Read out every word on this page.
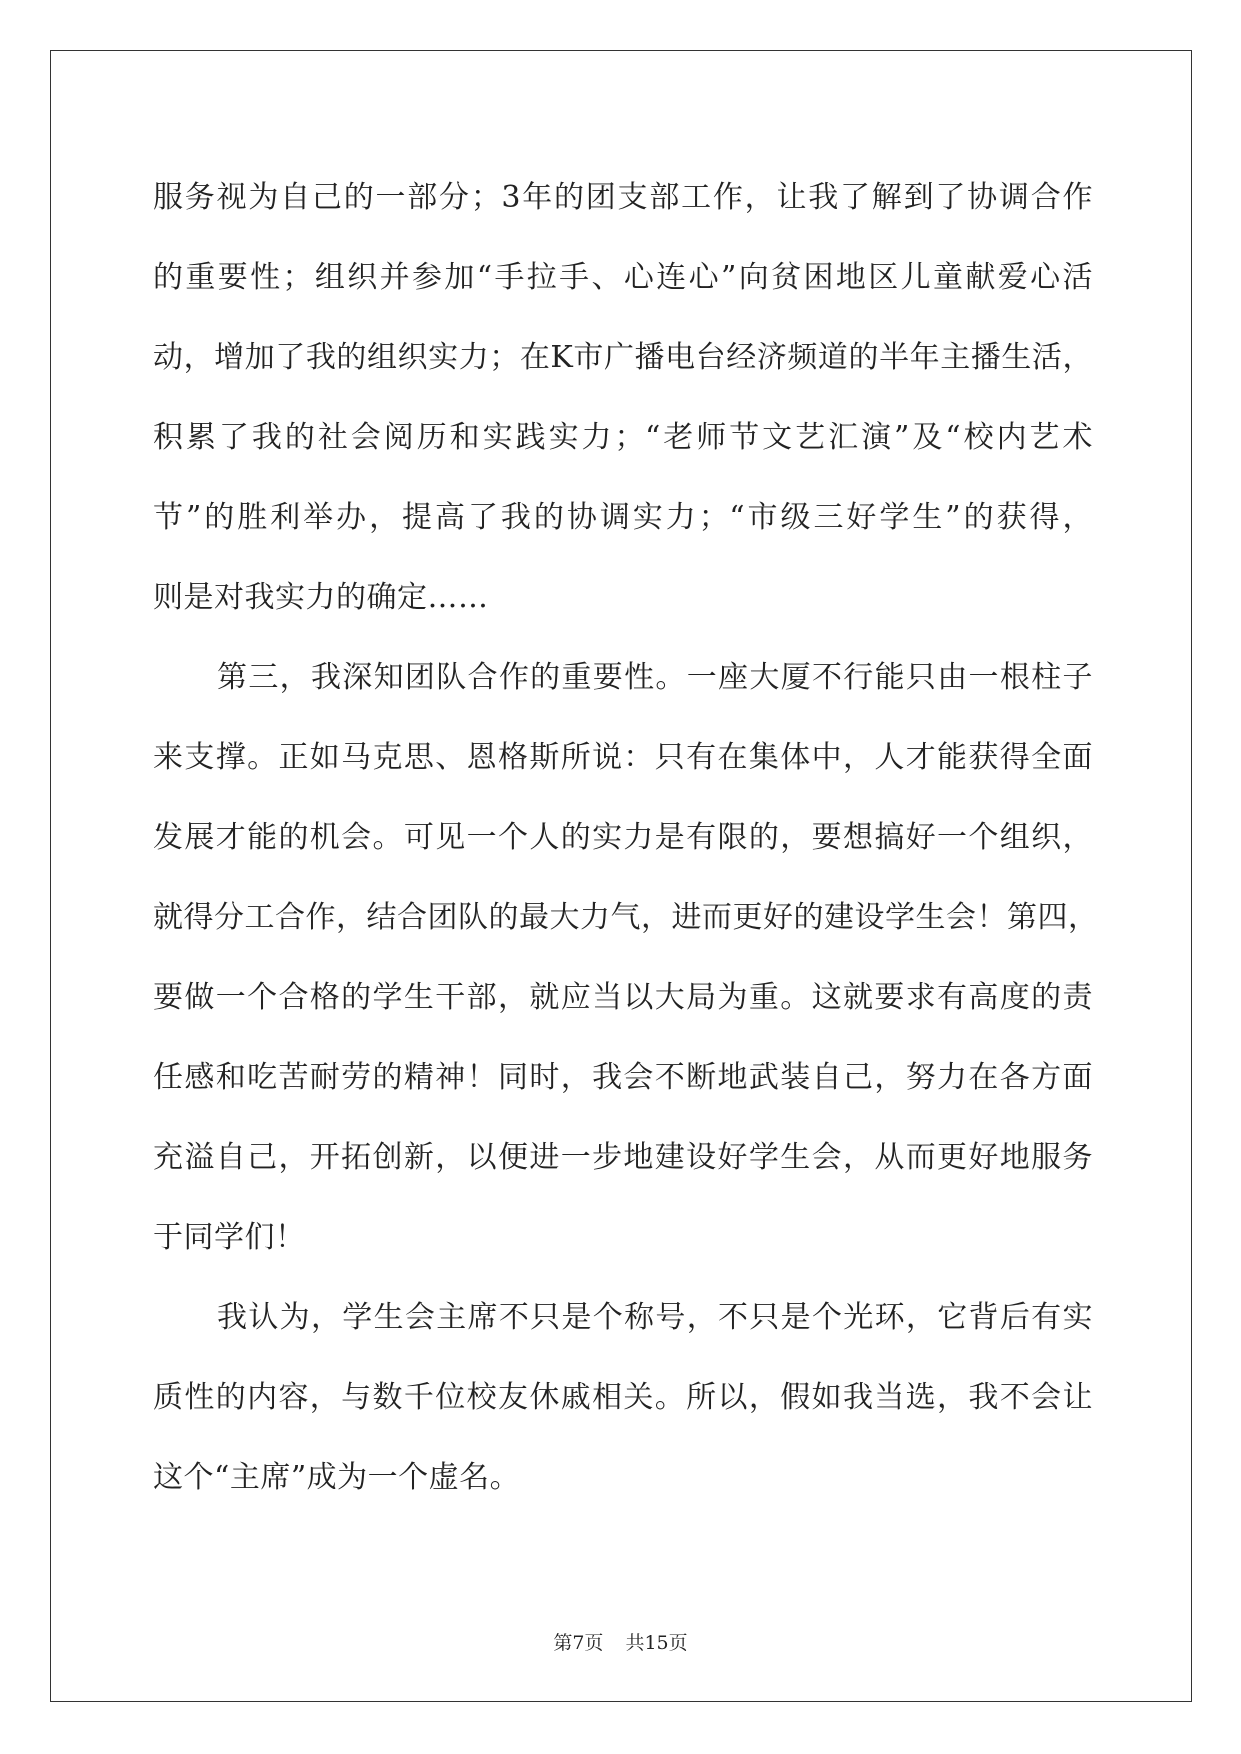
服务视为自己的一部分；3年的团支部工作，让我了解到了协调合作
的重要性；组织并参加“手拉手、心连心”向贫困地区儿童献爱心活
动，增加了我的组织实力；在K市广播电台经济频道的半年主播生活，
积累了我的社会阅历和实践实力；“老师节文艺汇演”及“校内艺术
节”的胜利举办，提高了我的协调实力；“市级三好学生”的获得，
则是对我实力的确定……
第三，我深知团队合作的重要性。一座大厦不行能只由一根柱子
来支撑。正如马克思、恩格斯所说：只有在集体中，人才能获得全面
发展才能的机会。可见一个人的实力是有限的，要想搞好一个组织，
就得分工合作，结合团队的最大力气，进而更好的建设学生会！第四，
要做一个合格的学生干部，就应当以大局为重。这就要求有高度的责
任感和吃苦耐劳的精神！同时，我会不断地武装自己，努力在各方面
充溢自己，开拓创新，以便进一步地建设好学生会，从而更好地服务
于同学们！
我认为，学生会主席不只是个称号，不只是个光环，它背后有实
质性的内容，与数千位校友休戚相关。所以，假如我当选，我不会让
这个“主席”成为一个虚名。
第7页 共15页
